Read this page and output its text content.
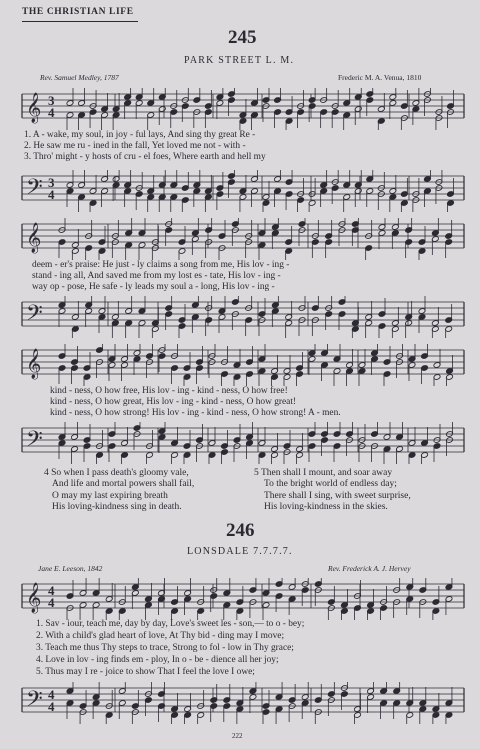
THE CHRISTIAN LIFE
245
PARK STREET L. M.
Rev. Samuel Medley, 1787	Frederic M. A. Venua, 1810
𝄞 3
4
𝄢 3
4
1. A - wake, my soul, in joy - ful lays, And sing thy great Re -
2. He saw me ru - ined in the fall, Yet loved me not - with -
3. Thro' might - y hosts of cru - el foes, Where earth and hell my
𝄞
𝄢
deem - er's praise: He just - ly claims a song from me, His lov - ing -
stand - ing all, And saved me from my lost es - tate, His lov - ing -
way op - pose, He safe - ly leads my soul a - long, His lov - ing -
𝄞
𝄢
kind - ness, O how free, His lov - ing - kind - ness, O how free!
kind - ness, O how great, His lov - ing - kind - ness, O how great!
kind - ness, O how strong! His lov - ing - kind - ness, O how strong! A - men.
4 So when I pass death's gloomy vale,
And life and mortal powers shall fail,
O may my last expiring breath
His loving-kindness sing in death.
5 Then shall I mount, and soar away
To the bright world of endless day;
There shall I sing, with sweet surprise,
His loving-kindness in the skies.
246
LONSDALE 7.7.7.7.
Jane E. Leeson, 1842	Rev. Frederick A. J. Hervey
𝄞 4
4
𝄢 4
4
1. Sav - iour, teach me, day by day, Love's sweet les - son,— to o - bey;
2. With a child's glad heart of love, At Thy bid - ding may I move;
3. Teach me thus Thy steps to trace, Strong to fol - low in Thy grace;
4. Love in lov - ing finds em - ploy, In o - be - dience all her joy;
5. Thus may I re - joice to show That I feel the love I owe;
222
